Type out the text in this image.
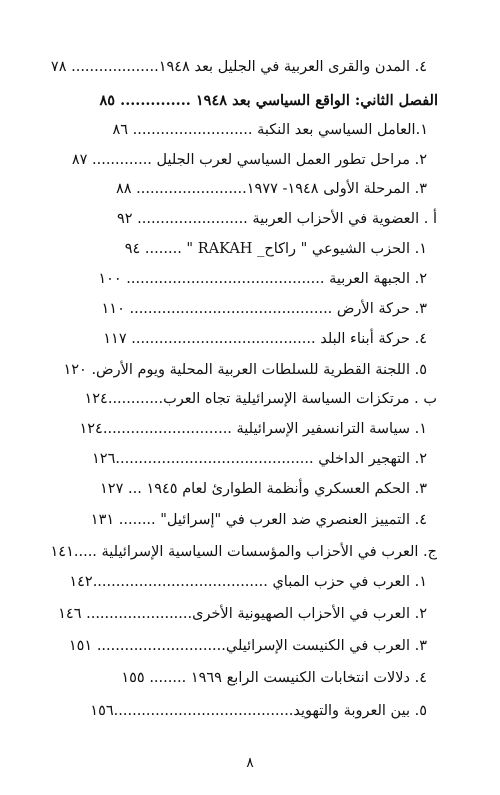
٤. المدن والقرى العربية في الجليل بعد ١٩٤٨................... ٧٨
الفصل الثاني: الواقع السياسي بعد ١٩٤٨ .............. ٨٥
١.العامل السياسي بعد النكبة .......................... ٨٦
٢. مراحل تطور العمل السياسي لعرب الجليل ............. ٨٧
٣. المرحلة الأولى ١٩٤٨- ١٩٧٧........................ ٨٨
أ . العضوية في الأحزاب العربية ........................ ٩٢
١. الحزب الشيوعي " راكاح_ RAKAH " ........ ٩٤
٢. الجبهة العربية ........................................... ١٠٠
٣. حركة الأرض ............................................ ١١٠
٤. حركة أبناء البلد ........................................ ١١٧
٥. اللجنة القطرية للسلطات العربية المحلية ويوم الأرض. ١٢٠
ب . مرتكزات السياسة الإسرائيلية تجاه العرب............١٢٤
١. سياسة الترانسفير الإسرائيلية ............................١٢٤
٢. التهجير الداخلي ...........................................١٢٦
٣. الحكم العسكري وأنظمة الطوارئ لعام ١٩٤٥ ... ١٢٧
٤. التمييز العنصري ضد العرب في "إسرائيل" ........ ١٣١
ج. العرب في الأحزاب والمؤسسات السياسية الإسرائيلية .....١٤١
١. العرب في حزب المباي ......................................١٤٢
٢. العرب في الأحزاب الصهيونية الأخرى....................... ١٤٦
٣. العرب في الكنيست الإسرائيلي............................ ١٥١
٤. دلالات انتخابات الكنيست الرابع ١٩٦٩ ........ ١٥٥
٥. بين العروبة والتهويد.......................................١٥٦
٨
